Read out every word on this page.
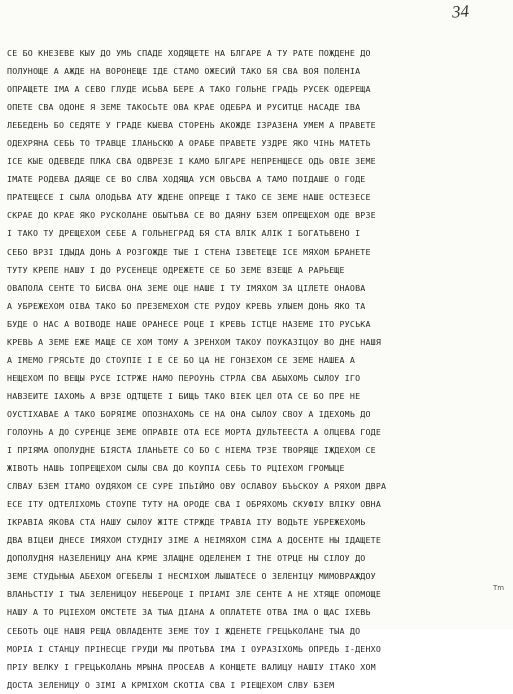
34
СЕ БО КНЕЗЕВЕ КЫУ ДО УМЬ СПАДЕ ХОДЯЩЕТЕ НА БЛГАРЕ А ТУ РАТЕ ПОЖДЕНЕ ДО
ПОЛУНОЩЕ А АЖДЕ НА ВОРОНЕЩЕ ІДЕ СТАМО ОЖЕСИЙ ТАКО БЯ СВА ВОЯ ПОЛЕНІА
ОПРАЩЕТЕ ІМА А СЕВО ГЛУДЕ ИСЬВА БЕРЕ А ТАКО ГОЛЬНЕ ГРАДЬ РУСЕК ОДЕРЕЩА
ОПЕТЕ СВА ОДОНЕ Я ЗЕМЕ ТАКОСЬТЕ ОВА КРАЕ ОДЕБРА И РУСИТЦЕ НАСАДЕ ІВА
ЛЕБЕДЕНЬ БО СЕДЯТЕ У ГРАДЕ КЫЕВА СТОРЕНЬ АКОЖДЕ ІЗРАЗЕНА УМЕМ А ПРАВЕТЕ
ОДЕХРЯНА СЕБЬ ТО ТРАВЦЕ ІЛАНЬСКЮ А ОРАБЕ ПРАВЕТЕ УЗДРЕ ЯКО ЧІНЬ МАТЕТЬ
ІСЕ КЫЕ ОДЕВЕДЕ ПЛКА СВА ОДВРЕЗЕ І КАМО БЛГАРЕ НЕПРЕНЩЕСЕ ОДЬ ОВІЕ ЗЕМЕ
ІМАТЕ РОДЕВА ДАЯЩЕ СЕ ВО СЛВА ХОДЯЩА УСМ ОВЬСВА А ТАМО ПОІДАШЕ О ГОДЕ
ПРАТЕЩЕСЕ І СЫЛА ОЛОДЬВА АТУ ЖДЕНЕ ОПРЕЩЕ І ТАКО СЕ ЗЕМЕ НАШЕ ОСТЕЗЕСЕ
СКРАЕ ДО КРАЕ ЯКО РУСКОЛАНЕ ОБЫТЬВА СЕ ВО ДАЯНУ БЗЕМ ОПРЕЩЕХОМ ОДЕ ВРЗЕ
І ТАКО ТУ ДРЕЩЕХОМ СЕБЕ А ГОЛЬНЕГРАД БЯ СТА ВЛІК АЛІК І БОГАТЬВЕНО І
СЕБО ВРЗІ ІДЫДА ДОНЬ А РОЗГОЖДЕ ТЫЕ І СТЕНА ІЗВЕТЕЩЕ ІСЕ МЯХОМ БРАНЕТЕ
ТУТУ КРЕПЕ НАШУ І ДО РУСЕНЕЦЕ ОДРЕЖЕТЕ СЕ БО ЗЕМЕ ВЗЕЩЕ А РАРЬЕЩЕ
ОВАПОЛА СЕНТЕ ТО БИСВА ОНА ЗЕМЕ ОЦЕ НАШЕ І ТУ ІМЯХОМ ЗА ЦІЛЕТЕ ОНАОВА
А УБРЕЖЕХОМ ОІВА ТАКО БО ПРЕЗЕМЕХОМ СТЕ РУДОУ КРЕВЬ УЛЫЕМ ДОНЬ ЯКО ТА
БУДЕ О НАС А ВОІВОДЕ НАШЕ ОРАНЕСЕ РОЦЕ І КРЕВЬ ІСТЦЕ НАЗЕМЕ ІТО РУСЬКА
КРЕВЬ А ЗЕМЕ ЕЖЕ МАЩЕ СЕ ХОМ ТОМУ А ЗРЕНХОМ ТАКОУ ПОУКАЗІЦОУ ВО ДНЕ НАШЯ
А ІМЕМО ГРЯСЬТЕ ДО СТОУПІЕ І Е СЕ БО ЦА НЕ ГОНЗЕХОМ СЕ ЗЕМЕ НАШЕА А
НЕЩЕХОМ ПО ВЕЩЫ РУСЕ ІСТРЖЕ НАМО ПЕРОУНЬ СТРЛА СВА АБЫХОМЬ СЫЛОУ ІГО
НАВЗЕИТЕ ІАХОМЬ А ВРЗЕ ОДТЩЕТЕ І БИЩЬ ТАКО ВІЕК ЦЕЛ ОТА СЕ БО ПРЕ НЕ
ОУСТІХАВАЕ А ТАКО БОРЯІМЕ ОПОЗНАХОМЬ СЕ НА ОНА СЫЛОУ СВОУ А ІДЕХОМЬ ДО
ГОЛОУНЬ А ДО СУРЕНЦЕ ЗЕМЕ ОПРАВІЕ ОТА ЕСЕ МОРТА ДУЛЬТЕЕСТА А ОЛЦЕВА ГОДЕ
І ПРІЯМА ОПОЛУДНЕ БІЯСТА ІЛАНЬЕТЕ СО БО С НІЕМА ТРЗЕ ТВОРЯЩЕ ІЖДЕХОМ СЕ
ЖІВОТЬ НАШЬ ІОПРЕЩЕХОМ СЫЛЫ СВА ДО КОУПІА СЕБЬ ТО РЦІЕХОМ ГРОМЫЦЕ
СЛВАУ БЗЕМ ІТАМО ОУДЯХОМ СЕ СУРЕ ІПЬІЙМО ОВУ ОСЛАВОУ БЪЬСКОУ А РЯХОМ ДВРА
ЕСЕ ІТУ ОДТЕЛІХОМЬ СТОУПЕ ТУТУ НА ОРОДЕ СВА І ОБРЯХОМЬ СКУФІУ ВЛІКУ ОВНА
ІКРАВІА ЯКОВА СТА НАШУ СЫЛОУ ЖІТЕ СТРЖДЕ ТРАВІА ІТУ ВОДЬТЕ УБРЕЖЕХОМЬ
ДВА ВІЦЕИ ДНЕСЕ ІМЯХОМ СТУДНІУ ЗІМЕ А НЕІМЯХОМ СІМА А ДОСЕНТЕ НЫ ІДАЩЕТЕ
ДОПОЛУДНЯ НАЗЕЛЕНИЦУ АНА КРМЕ ЗЛАЩНЕ ОДЕЛЕНЕМ І ТНЕ ОТРЦЕ НЫ СІЛОУ ДО
ЗЕМЕ СТУДЬНЫА АБЕХОМ ОГЕБЕЛЫ І НЕСМІХОМ ЛЫШАТЕСЕ О ЗЕЛЕНІЦУ МИМОВРАЖДОУ
ВЛАНЬСТІУ І ТЫА ЗЕЛЕНИЦОУ НЕБЕРОЦЕ І ПРІАМІ ЗЛЕ СЕНТЕ А НЕ ХТЯЩЕ ОПОМОЩЕ
НАШУ А ТО РЦІЕХОМ ОМСТЕТЕ ЗА ТЫА ДІАНА А ОПЛАТЕТЕ ОТВА ІМА О ЩАС ІХЕВЬ
СЕБОТЬ ОЦЕ НАШЯ РЕЩА ОВЛАДЕНТЕ ЗЕМЕ ТОУ І ЖДЕНЕТЕ ГРЕЦЬКОЛАНЕ ТЫА ДО
МОРІА І СТАНЦУ ПРІНЕСЦЕ ГРУДИ МЫ ПРОТЬВА ІМА І ОУРАЗІХОМЬ ОПРЕДЬ І-ДЕНХО
ПРІУ ВЕЛКУ І ГРЕЦЬКОЛАНЬ МРЫНА ПРОСЕАВ А КОНЩЕТЕ ВАЛИЦУ НАШІУ ІТАКО ХОМ
ДОСТА ЗЕЛЕНИЦУ О ЗІМІ А КРМІХОМ СКОТІА СВА І РІЕЩЕХОМ СЛВУ БЗЕМ
Tm
